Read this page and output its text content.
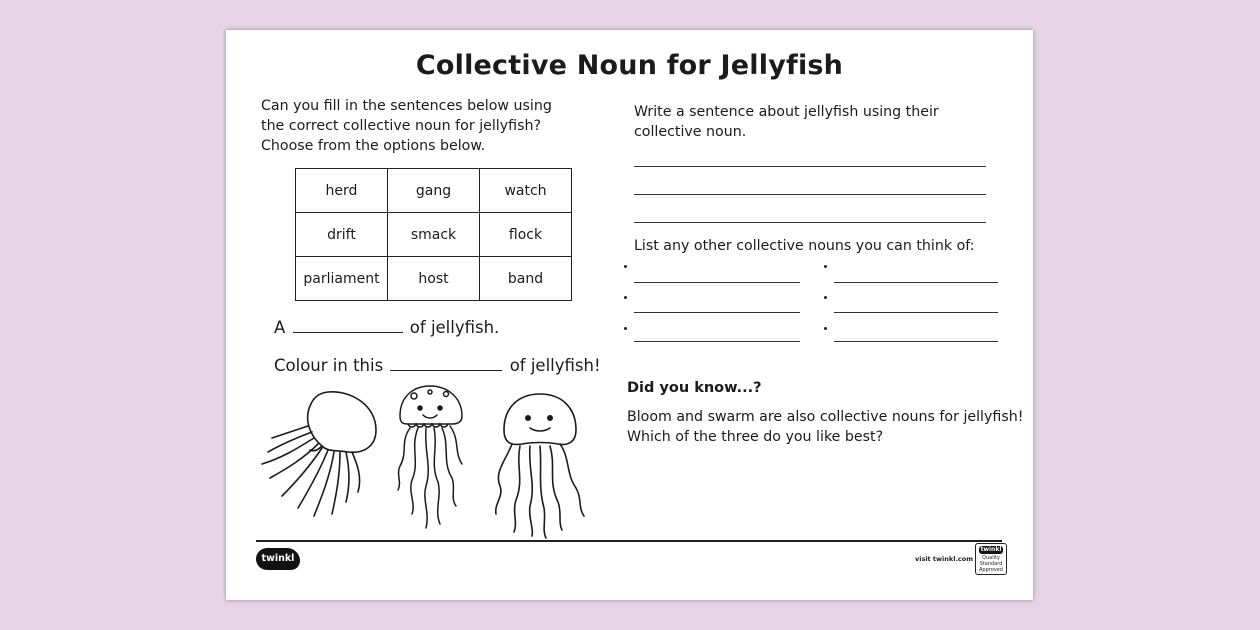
Collective Noun for Jellyfish
Can you fill in the sentences below using
the correct collective noun for jellyfish?
Choose from the options below.
herd	gang	watch
drift	smack	flock
parliament	host	band
A	of jellyfish.
Colour in this	of jellyfish!
Write a sentence about jellyfish using their
collective noun.
List any other collective nouns you can think of:
Did you know...?
Bloom and swarm are also collective nouns for jellyfish!
Which of the three do you like best?
twinkl	visit twinkl.com
twinkl
Quality Standard Approved
